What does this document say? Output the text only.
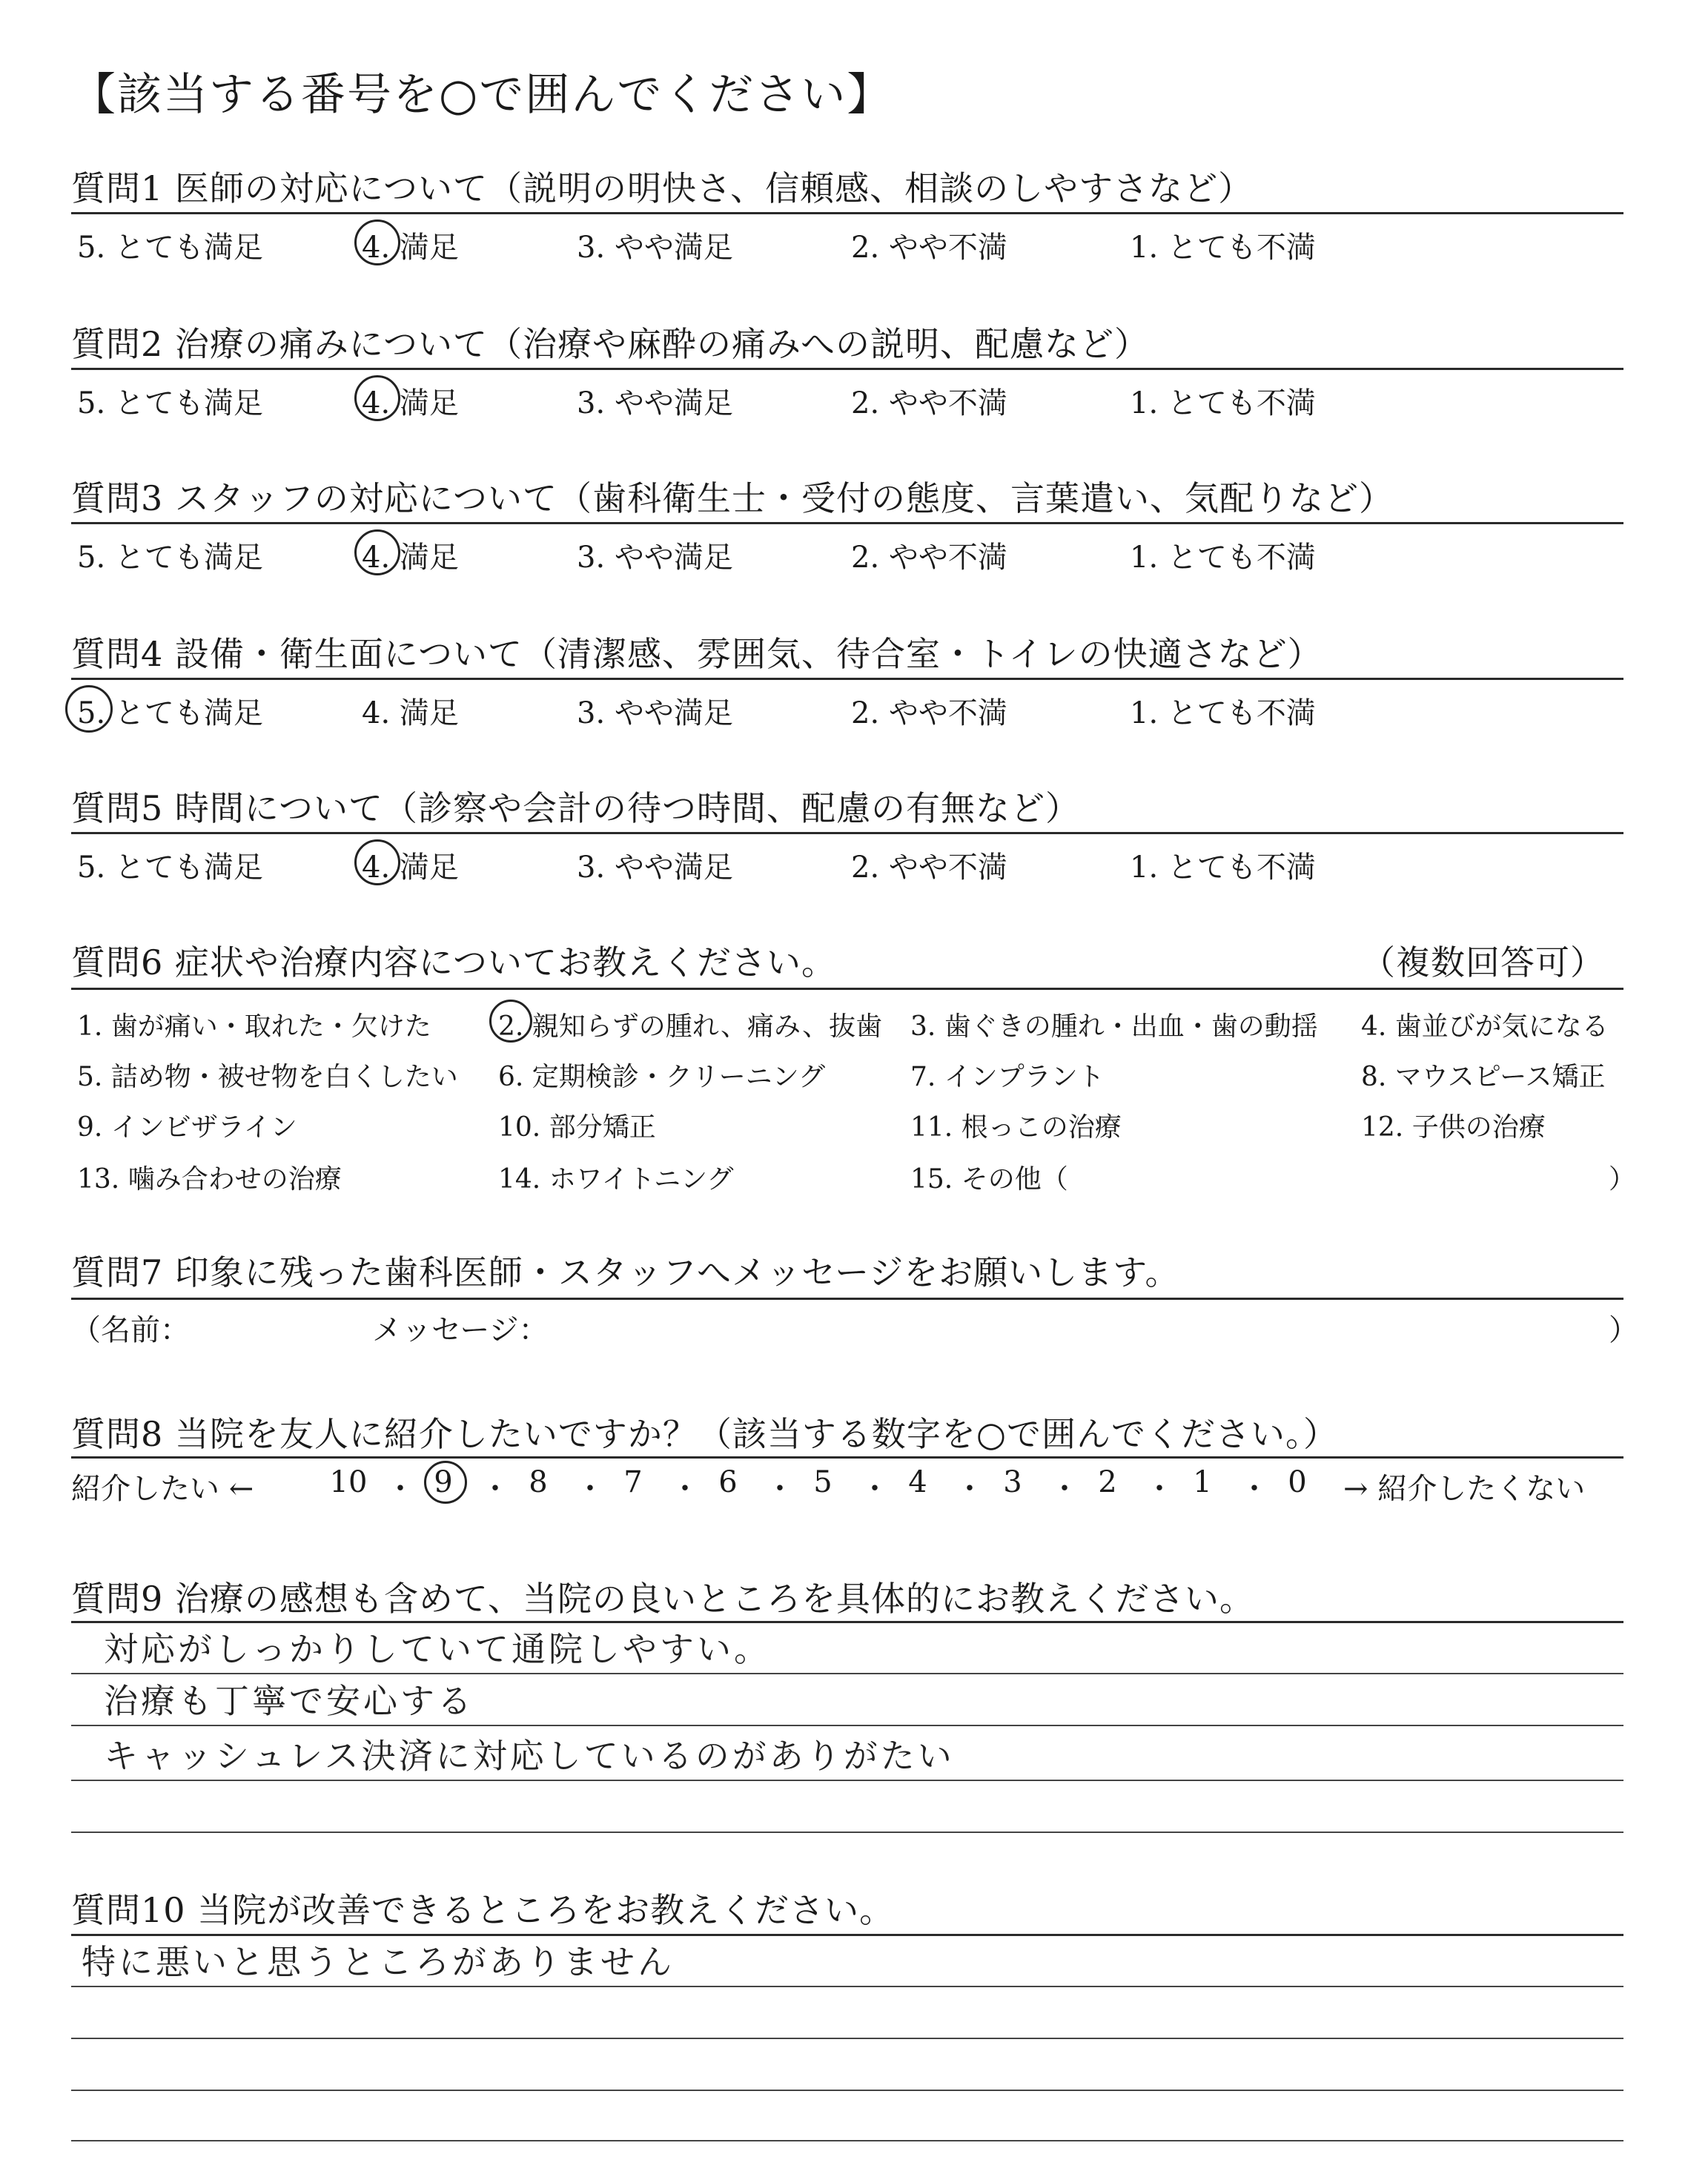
【該当する番号を○で囲んでください】
質問1 医師の対応について（説明の明快さ、信頼感、相談のしやすさなど）
5. とても満足	4. 満足	3. やや満足	2. やや不満	1. とても不満
質問2 治療の痛みについて（治療や麻酔の痛みへの説明、配慮など）
5. とても満足	4. 満足	3. やや満足	2. やや不満	1. とても不満
質問3 スタッフの対応について（歯科衛生士・受付の態度、言葉遣い、気配りなど）
5. とても満足	4. 満足	3. やや満足	2. やや不満	1. とても不満
質問4 設備・衛生面について（清潔感、雰囲気、待合室・トイレの快適さなど）
5. とても満足	4. 満足	3. やや満足	2. やや不満	1. とても不満
質問5 時間について（診察や会計の待つ時間、配慮の有無など）
5. とても満足	4. 満足	3. やや満足	2. やや不満	1. とても不満
質問6 症状や治療内容についてお教えください。	（複数回答可）
1. 歯が痛い・取れた・欠けた	2. 親知らずの腫れ、痛み、抜歯 3. 歯ぐきの腫れ・出血・歯の動揺 4. 歯並びが気になる
5. 詰め物・被せ物を白くしたい 6. 定期検診・クリーニング	7. インプラント	8. マウスピース矯正
9. インビザライン	10. 部分矯正	11. 根っこの治療	12. 子供の治療
13. 噛み合わせの治療	14. ホワイトニング	15. その他（	）
質問7 印象に残った歯科医師・スタッフへメッセージをお願いします。
（名前：	メッセージ：	）
質問8 当院を友人に紹介したいですか？（該当する数字を○で囲んでください。）
紹介したい ←	10 ・ 9 ・ 8 ・ 7 ・ 6 ・ 5 ・ 4 ・ 3 ・ 2 ・ 1 ・ 0	→ 紹介したくない
質問9 治療の感想も含めて、当院の良いところを具体的にお教えください。
対応がしっかりしていて通院しやすい。
治療も丁寧で安心する
キャッシュレス決済に対応しているのがありがたい
質問10 当院が改善できるところをお教えください。
特に悪いと思うところがありません
